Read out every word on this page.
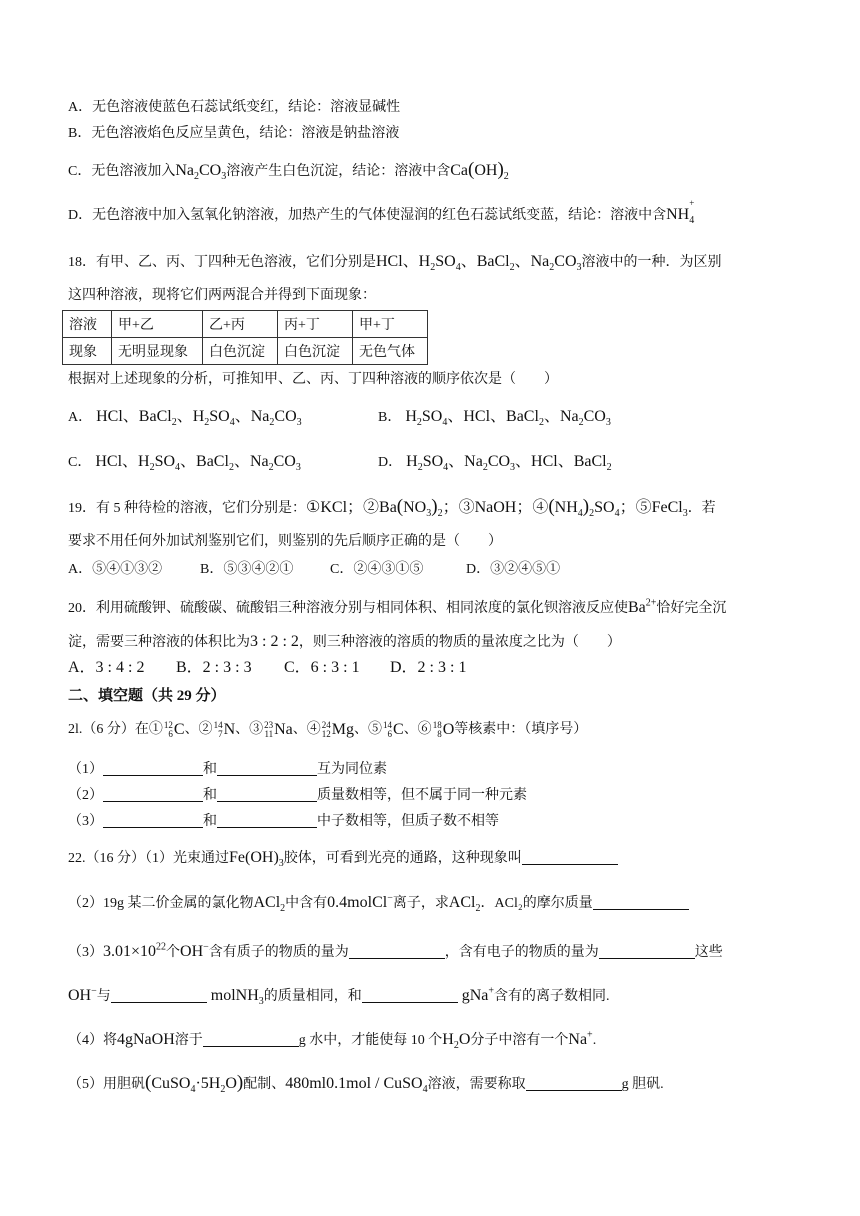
A．无色溶液使蓝色石蕊试纸变红，结论：溶液显碱性
B．无色溶液焰色反应呈黄色，结论：溶液是钠盐溶液
C．无色溶液加入$Na_2CO_3$溶液产生白色沉淀，结论：溶液中含$Ca(OH)_2$
D．无色溶液中加入氢氧化钠溶液，加热产生的气体使湿润的红色石蕊试纸变蓝，结论：溶液中含NH
$_{+ 4}$
18．有甲、乙、丙、丁四种无色溶液，它们分别是HCl、$H_2SO_4$、BaCl$_2$、$Na_2CO_3$溶液中的一种．为区别
这四种溶液，现将它们两两混合并得到下面现象：
溶液	甲+乙	乙+丙	丙+丁	甲+丁
现象	无明显现象	白色沉淀	白色沉淀	无色气体
根据对上述现象的分析，可推知甲、乙、丙、丁四种溶液的顺序依次是（　　）
A． HCl、BaCl$_2$、$H_2SO_4$、$Na_2CO_3$	B． $H_2SO_4$、HCl、BaCl$_2$、$Na_2CO_3$
C． HCl、$H_2SO_4$、BaCl$_2$、$Na_2CO_3$	D． $H_2SO_4$、$Na_2CO_3$、HCl、BaCl$_2$
19．有 5 种待检的溶液，它们分别是：①KCl；$②Ba(NO_3)_2$；③NaOH；$④(NH_4)_2SO_4$；⑤FeCl$_3$．若
要求不用任何外加试剂鉴别它们，则鉴别的先后顺序正确的是（　　）
A．⑤④①③②	B．⑤③④②①	C．②④③①⑤	D．③②④⑤①
20．利用硫酸钾、硫酸碳、硫酸铝三种溶液分别与相同体积、相同浓度的氯化钡溶液反应使$Ba^{2+}$恰好完全沉
淀，需要三种溶液的体积比为3 : 2 : 2，则三种溶液的溶质的物质的量浓度之比为（　　）
A．3 : 4 : 2 B．2 : 3 : 3 C．6 : 3 : 1 D．2 : 3 : 1
二、填空题（共 29 分）
2l.（6 分）在①12
6C、②14
7N、③23
11Na、④24
12Mg、⑤14
6C、⑥18
8O等核素中：（填序号）
（1）	和	互为同位素
（2）	和	质量数相等，但不属于同一种元素
（3）	和	中子数相等，但质子数不相等
22.（16 分）（1）光束通过$Fe(OH)_3$胶体，可看到光亮的通路，这种现象叫
（2）19g 某二价金属的氯化物ACl$_2$中含有0.4molCl−离子，求ACl$_2$．ACl₂的摩尔质量
$(3)3.01\times 10^{22}$个OH−含有质子的物质的量为	，含有电子的物质的量为	这些
OH−与	molNH$_3$的质量相同，和	gNa+含有的离子数相同.
（4）将4gNaOH溶于	g 水中，才能使每 10 个$H_2O$分子中溶有一个Na+.
（5）用胆矾$(CuSO_4\cdot 5H_2O)$配制、480ml0.1mol / CuSO$_4$溶液，需要称取	g 胆矾.
